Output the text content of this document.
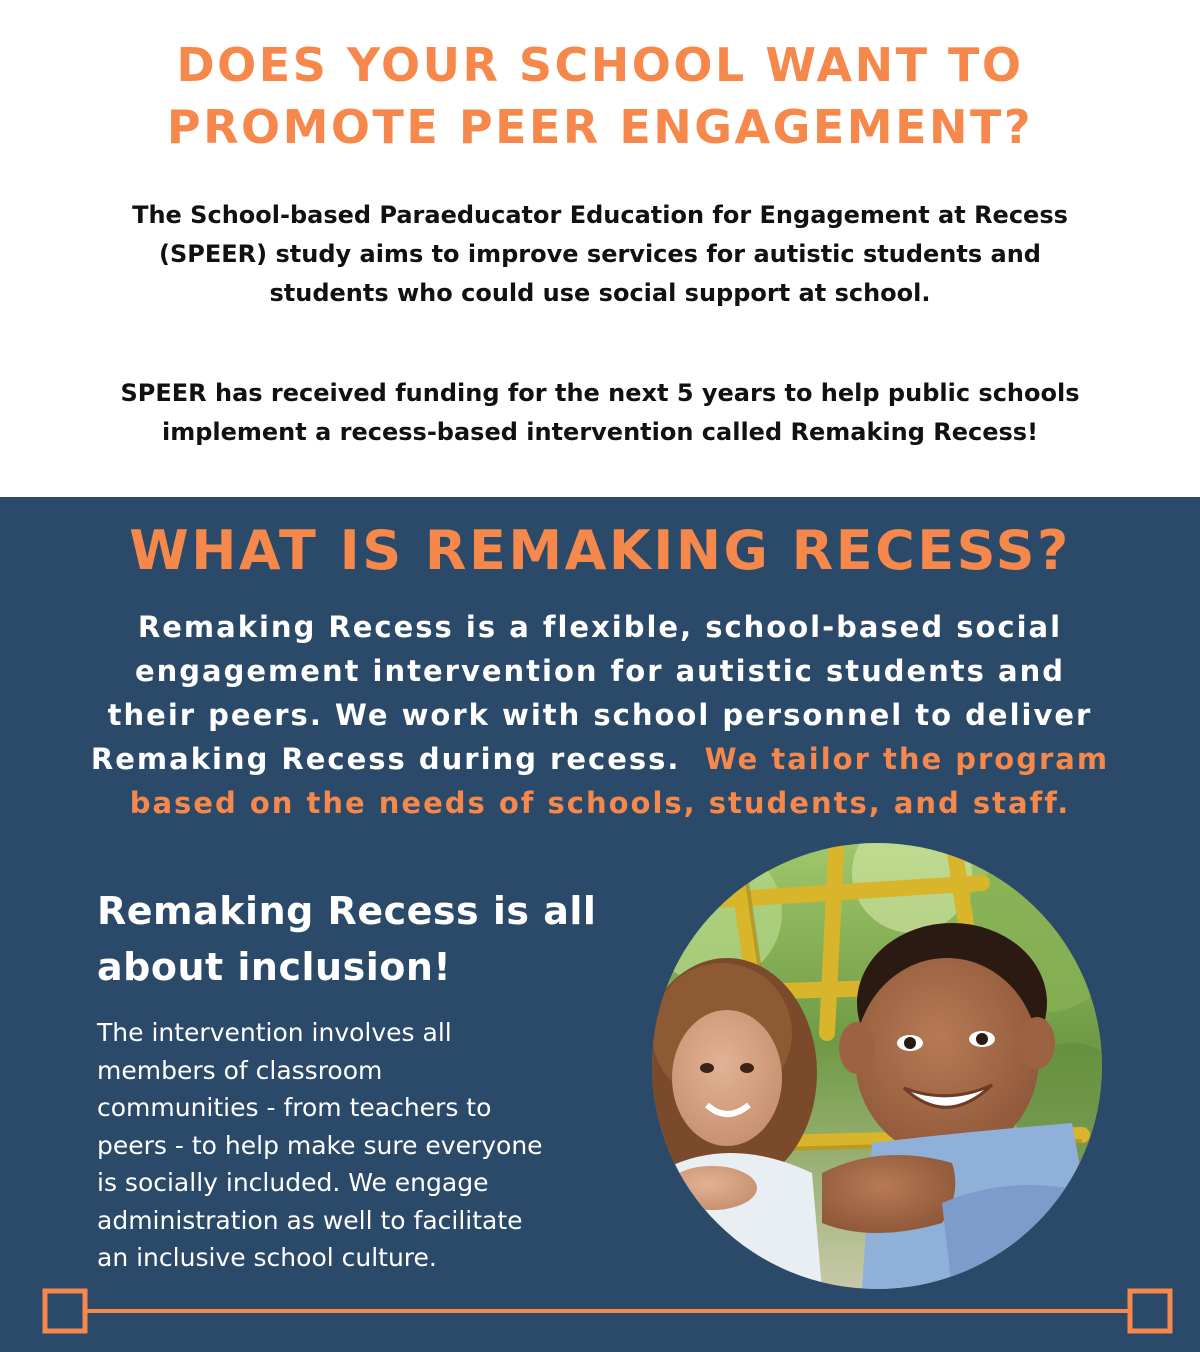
DOES YOUR SCHOOL WANT TO
PROMOTE PEER ENGAGEMENT?

The School-based Paraeducator Education for Engagement at Recess
(SPEER) study aims to improve services for autistic students and
students who could use social support at school.

SPEER has received funding for the next 5 years to help public schools
implement a recess-based intervention called Remaking Recess!

WHAT IS REMAKING RECESS?

Remaking Recess is a flexible, school-based social
engagement intervention for autistic students and
their peers. We work with school personnel to deliver
Remaking Recess during recess. We tailor the program
based on the needs of schools, students, and staff.

Remaking Recess is all
about inclusion!

The intervention involves all
members of classroom
communities - from teachers to
peers - to help make sure everyone
is socially included. We engage
administration as well to facilitate
an inclusive school culture.
